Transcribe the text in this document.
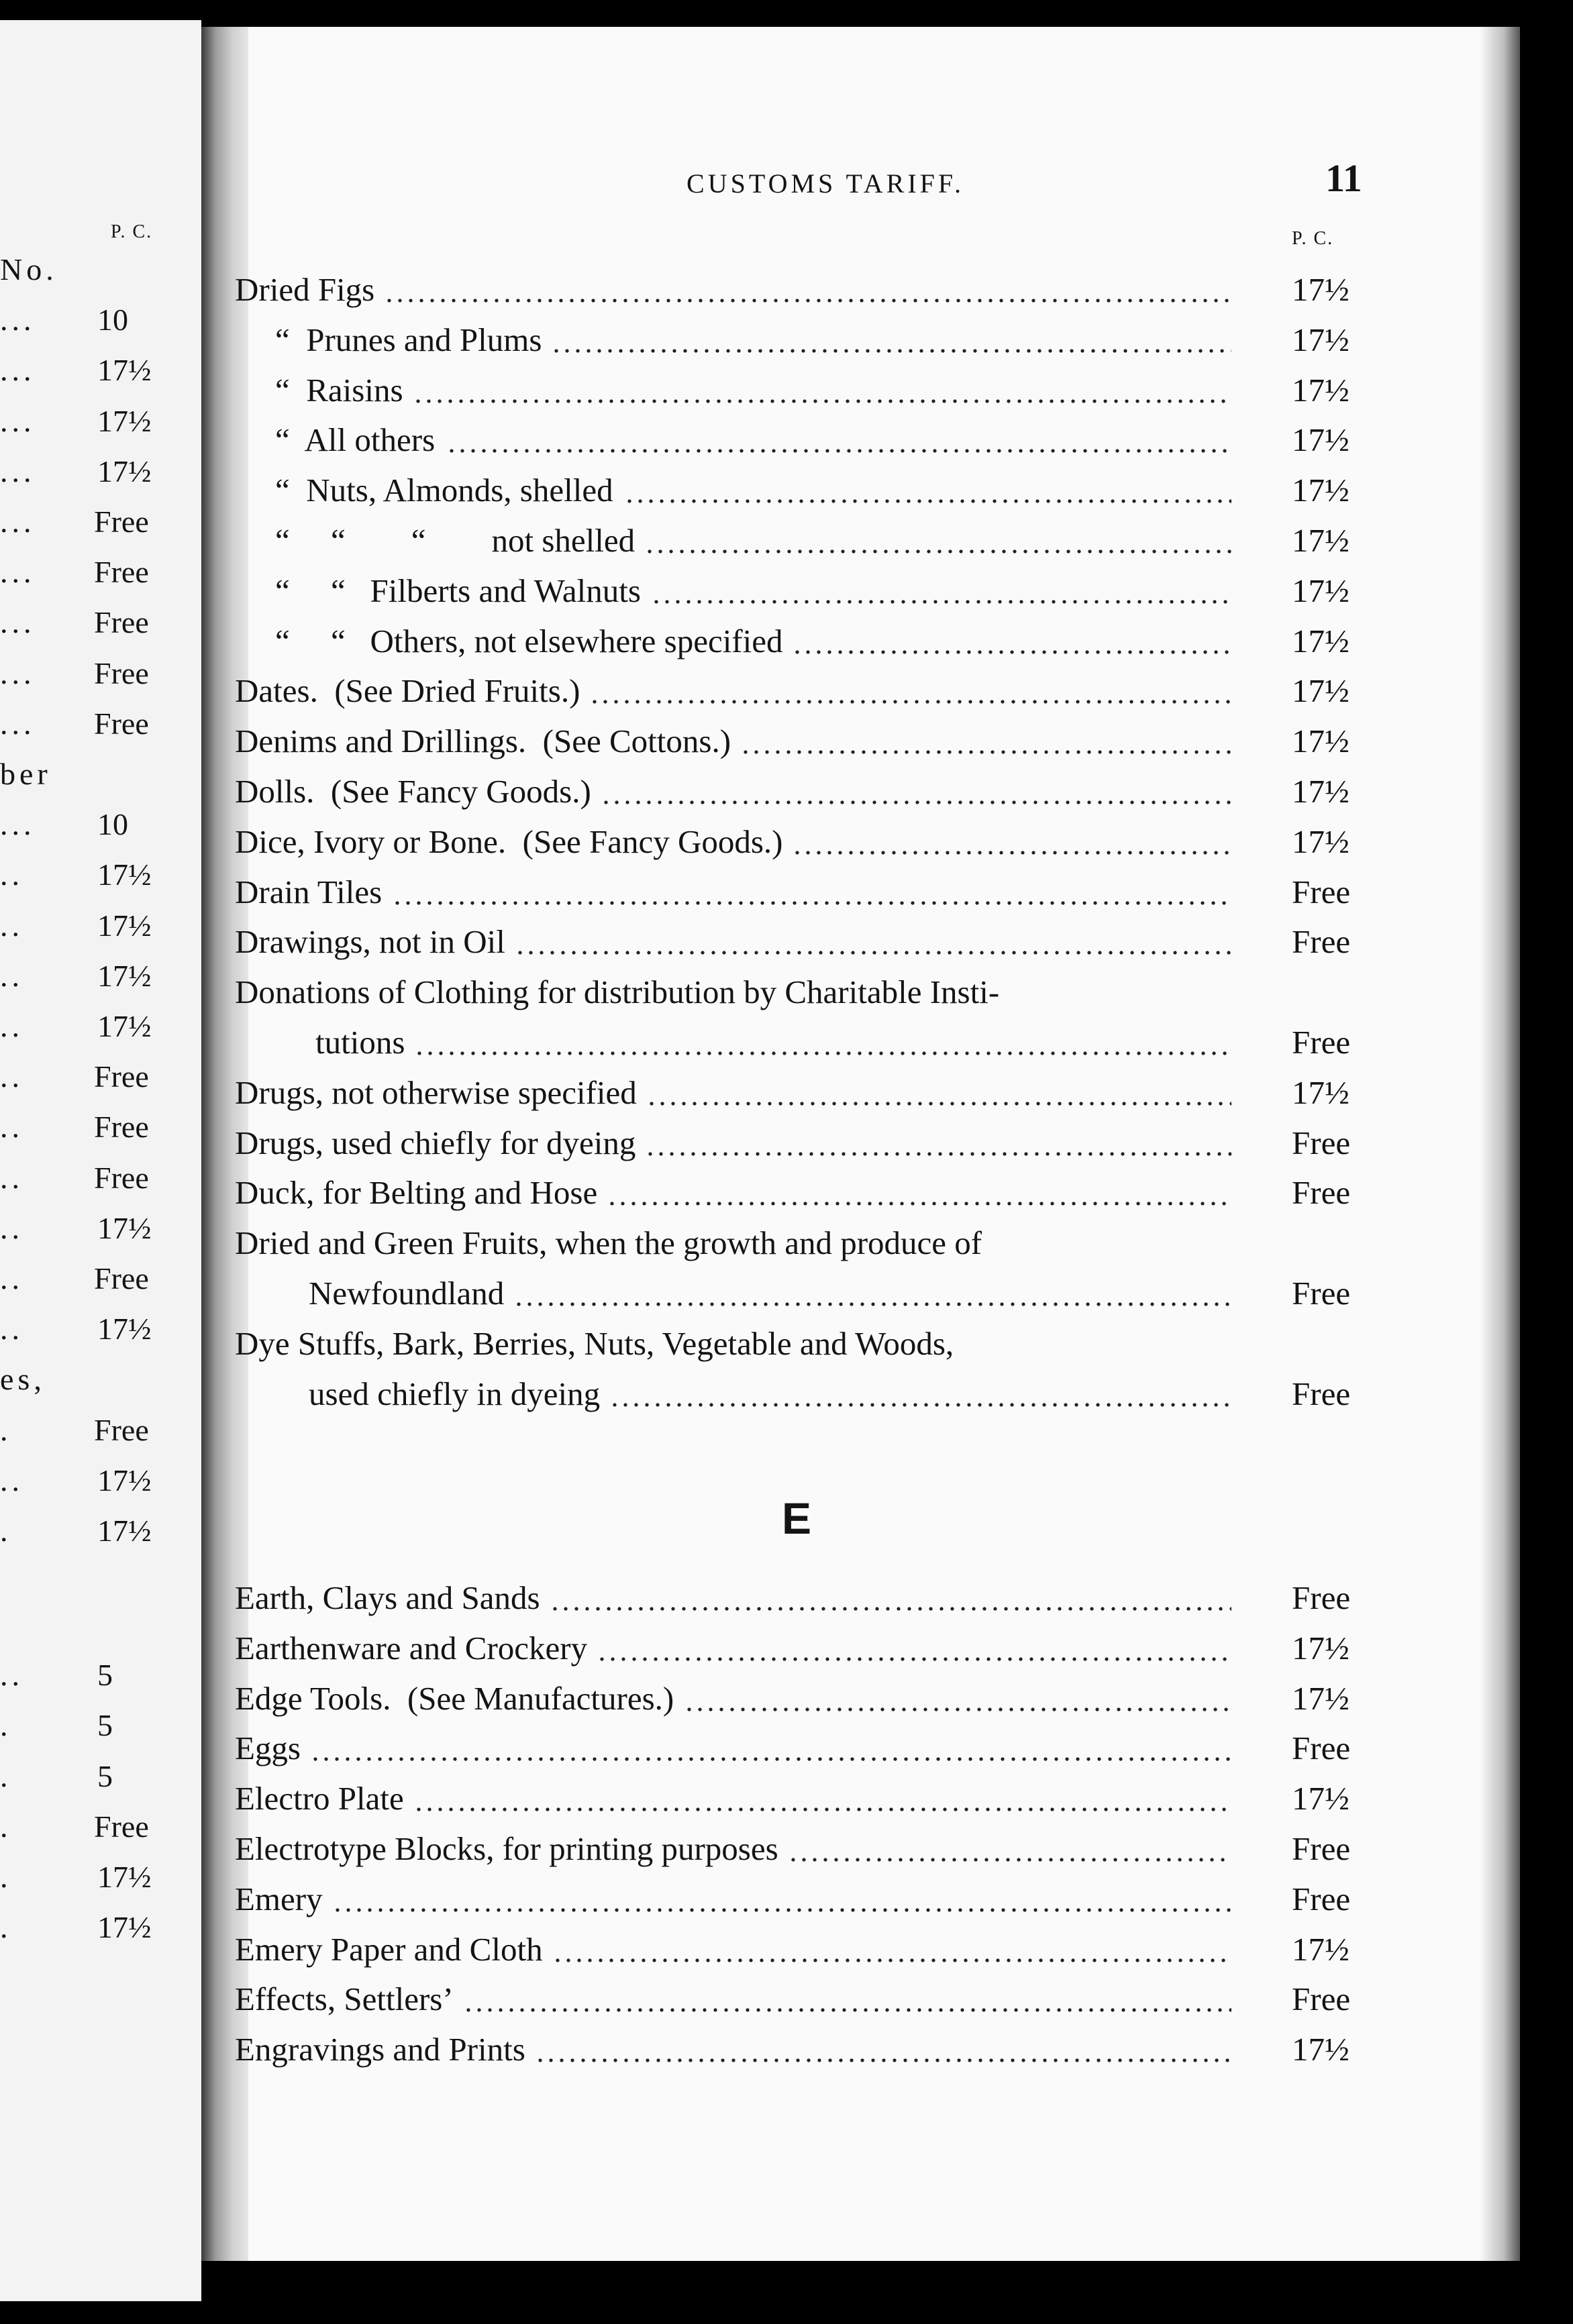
CUSTOMS TARIFF.	11
P. C.
P. C.
No.
... 10
... 17½
... 17½
... 17½
... Free
... Free
... Free
... Free
... Free
ber
... 10
.. 17½
.. 17½
.. 17½
.. 17½
.. Free
.. Free
.. Free
.. 17½
.. Free
.. 17½
es,
.	Free
.. 17½
.	17½
.. 5
.	5
.	5
.	Free
.	17½
.	17½
Dried Figs	17½
“  Prunes and Plums	17½
“  Raisins	17½
“  All others	17½
“  Nuts, Almonds, shelled	17½
“     “        “        not shelled	17½
“     “   Filberts and Walnuts	17½
“     “   Others, not elsewhere specified	17½
Dates.  (See Dried Fruits.)	17½
Denims and Drillings.  (See Cottons.)	17½
Dolls.  (See Fancy Goods.)	17½
Dice, Ivory or Bone.  (See Fancy Goods.)	17½
Drain Tiles	Free
Drawings, not in Oil	Free
Donations of Clothing for distribution by Charitable Insti-
tutions	Free
Drugs, not otherwise specified	17½
Drugs, used chiefly for dyeing	Free
Duck, for Belting and Hose	Free
Dried and Green Fruits, when the growth and produce of
Newfoundland	Free
Dye Stuffs, Bark, Berries, Nuts, Vegetable and Woods,
used chiefly in dyeing	Free
E
Earth, Clays and Sands	Free
Earthenware and Crockery	17½
Edge Tools.  (See Manufactures.)	17½
Eggs	Free
Electro Plate	17½
Electrotype Blocks, for printing purposes	Free
Emery	Free
Emery Paper and Cloth	17½
Effects, Settlers’	Free
Engravings and Prints	17½
